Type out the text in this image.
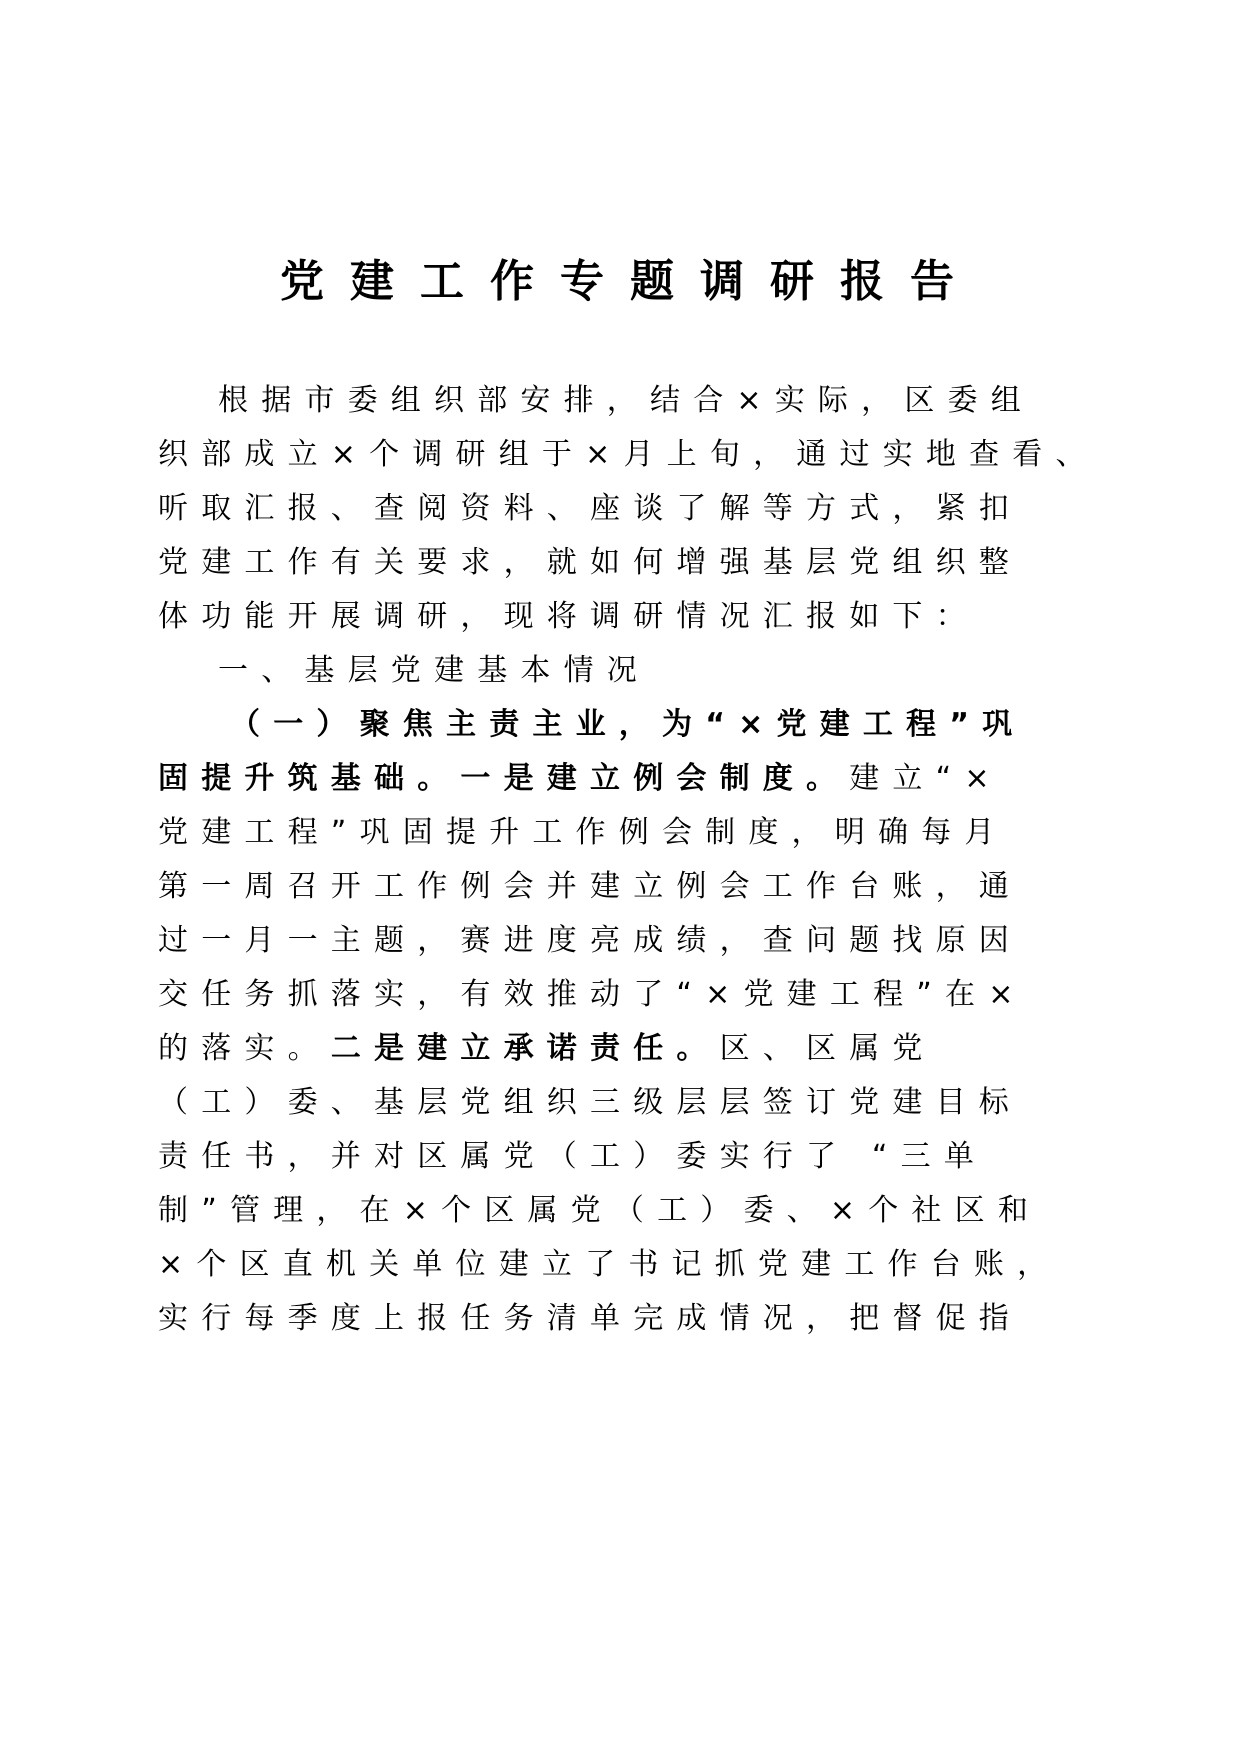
党建工作专题调研报告
根据市委组织部安排，结合×实际，区委组
织部成立×个调研组于×月上旬，通过实地查看、
听取汇报、查阅资料、座谈了解等方式，紧扣
党建工作有关要求，就如何增强基层党组织整
体功能开展调研，现将调研情况汇报如下：
一、基层党建基本情况
（一）聚焦主责主业，为“×党建工程”巩
固提升筑基础。一是建立例会制度。建立“×
党建工程”巩固提升工作例会制度，明确每月
第一周召开工作例会并建立例会工作台账，通
过一月一主题，赛进度亮成绩，查问题找原因
交任务抓落实，有效推动了“×党建工程”在×
的落实。二是建立承诺责任。区、区属党
（工）委、基层党组织三级层层签订党建目标
责任书，并对区属党（工）委实行了 “三单
制”管理，在×个区属党（工）委、×个社区和
×个区直机关单位建立了书记抓党建工作台账，
实行每季度上报任务清单完成情况，把督促指
